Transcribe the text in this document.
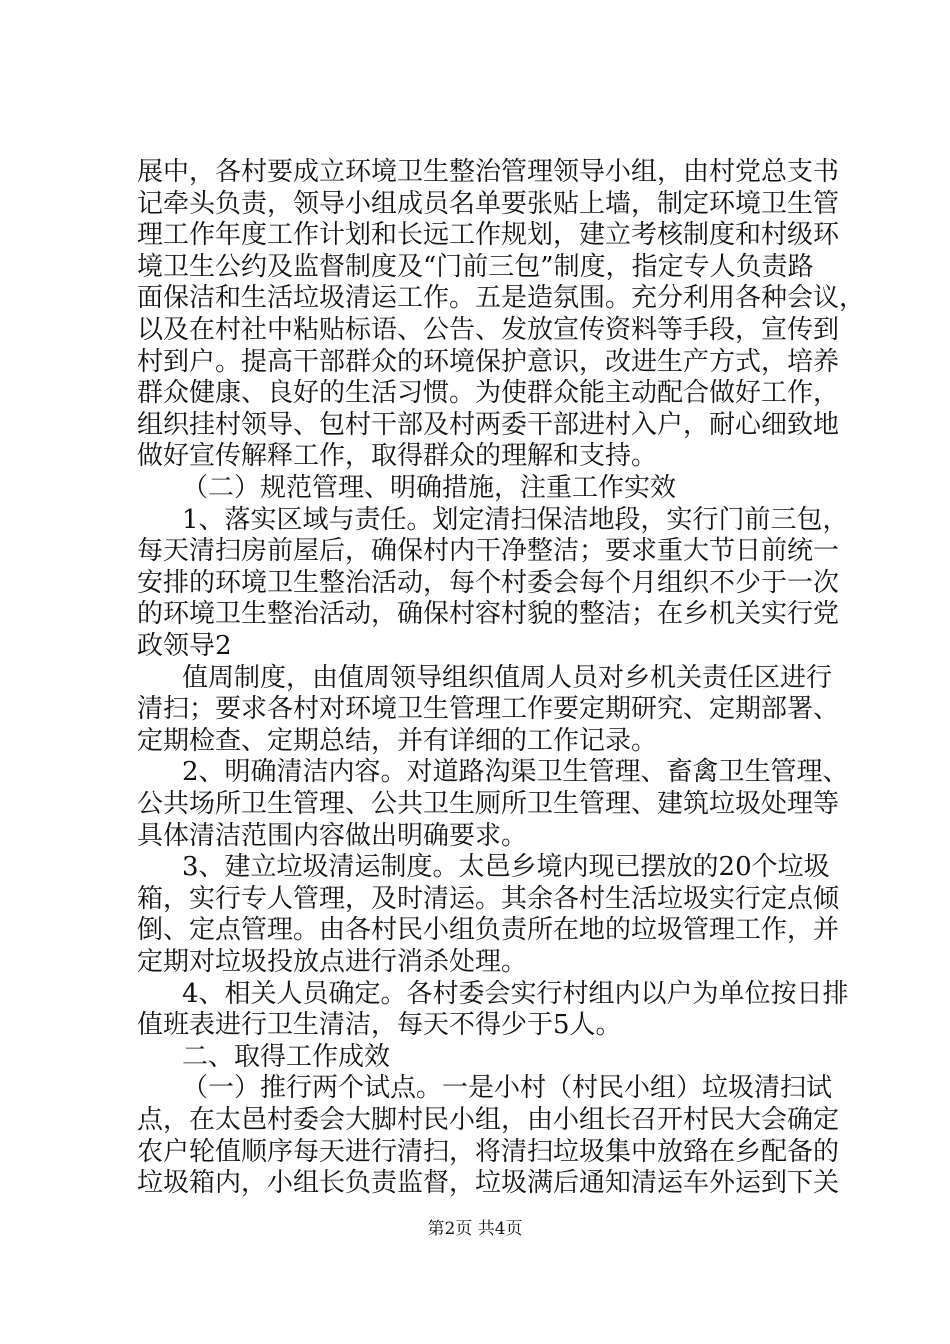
展中，各村要成立环境卫生整治管理领导小组，由村党总支书
记牵头负责，领导小组成员名单要张贴上墙，制定环境卫生管
理工作年度工作计划和长远工作规划，建立考核制度和村级环
境卫生公约及监督制度及“门前三包”制度，指定专人负责路
面保洁和生活垃圾清运工作。五是造氛围。充分利用各种会议，
以及在村社中粘贴标语、公告、发放宣传资料等手段，宣传到
村到户。提高干部群众的环境保护意识，改进生产方式，培养
群众健康、良好的生活习惯。为使群众能主动配合做好工作，
组织挂村领导、包村干部及村两委干部进村入户，耐心细致地
做好宣传解释工作，取得群众的理解和支持。
（二）规范管理、明确措施，注重工作实效
1、落实区域与责任。划定清扫保洁地段，实行门前三包，
每天清扫房前屋后，确保村内干净整洁；要求重大节日前统一
安排的环境卫生整治活动，每个村委会每个月组织不少于一次
的环境卫生整治活动，确保村容村貌的整洁；在乡机关实行党
政领导2
值周制度，由值周领导组织值周人员对乡机关责任区进行
清扫；要求各村对环境卫生管理工作要定期研究、定期部署、
定期检查、定期总结，并有详细的工作记录。
2、明确清洁内容。对道路沟渠卫生管理、畜禽卫生管理、
公共场所卫生管理、公共卫生厕所卫生管理、建筑垃圾处理等
具体清洁范围内容做出明确要求。
3、建立垃圾清运制度。太邑乡境内现已摆放的20个垃圾
箱，实行专人管理，及时清运。其余各村生活垃圾实行定点倾
倒、定点管理。由各村民小组负责所在地的垃圾管理工作，并
定期对垃圾投放点进行消杀处理。
4、相关人员确定。各村委会实行村组内以户为单位按日排
值班表进行卫生清洁，每天不得少于5人。
二、取得工作成效
（一）推行两个试点。一是小村（村民小组）垃圾清扫试
点，在太邑村委会大脚村民小组，由小组长召开村民大会确定
农户轮值顺序每天进行清扫，将清扫垃圾集中放臵在乡配备的
垃圾箱内，小组长负责监督，垃圾满后通知清运车外运到下关
第2页 共4页
